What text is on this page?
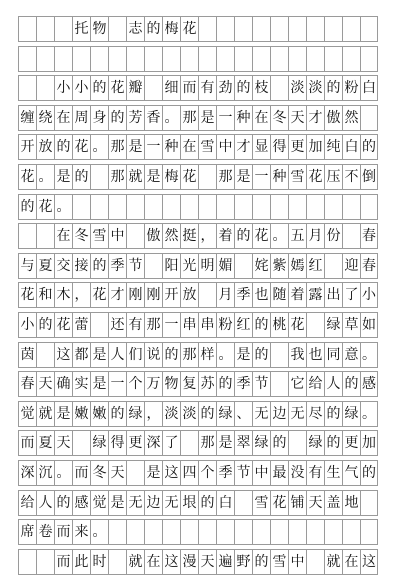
托 物 志 的 梅 花
小 小 的 花 瓣 细 而 有 劲 的 枝 淡 淡 的 粉 白
缠 绕 在 周 身 的 芳 香 。 那 是 一 种 在 冬 天 才 傲 然
开 放 的 花 。 那 是 一 种 在 雪 中 才 显 得 更 加 纯 白 的
花 。 是 的 那 就 是 梅 花 那 是 一 种 雪 花 压 不 倒
的 花 。
在 冬 雪 中 傲 然 挺 ， 着 的 花 。 五 月 份 春
与 夏 交 接 的 季 节 阳 光 明 媚 姹 紫 嫣 红 迎 春
花 和 木 ， 花 才 刚 刚 开 放 月 季 也 随 着 露 出 了 小
小 的 花 蕾 还 有 那 一 串 串 粉 红 的 桃 花 绿 草 如
茵 这 都 是 人 们 说 的 那 样 。 是 的 我 也 同 意 。
春 天 确 实 是 一 个 万 物 复 苏 的 季 节 它 给 人 的 感
觉 就 是 嫩 嫩 的 绿 ， 淡 淡 的 绿 、 无 边 无 尽 的 绿 。
而 夏 天 绿 得 更 深 了 那 是 翠 绿 的 绿 的 更 加
深 沉 。 而 冬 天 是 这 四 个 季 节 中 最 没 有 生 气 的
给 人 的 感 觉 是 无 边 无 垠 的 白 雪 花 铺 天 盖 地
席 卷 而 来 。
而 此 时 就 在 这 漫 天 遍 野 的 雪 中 就 在 这
